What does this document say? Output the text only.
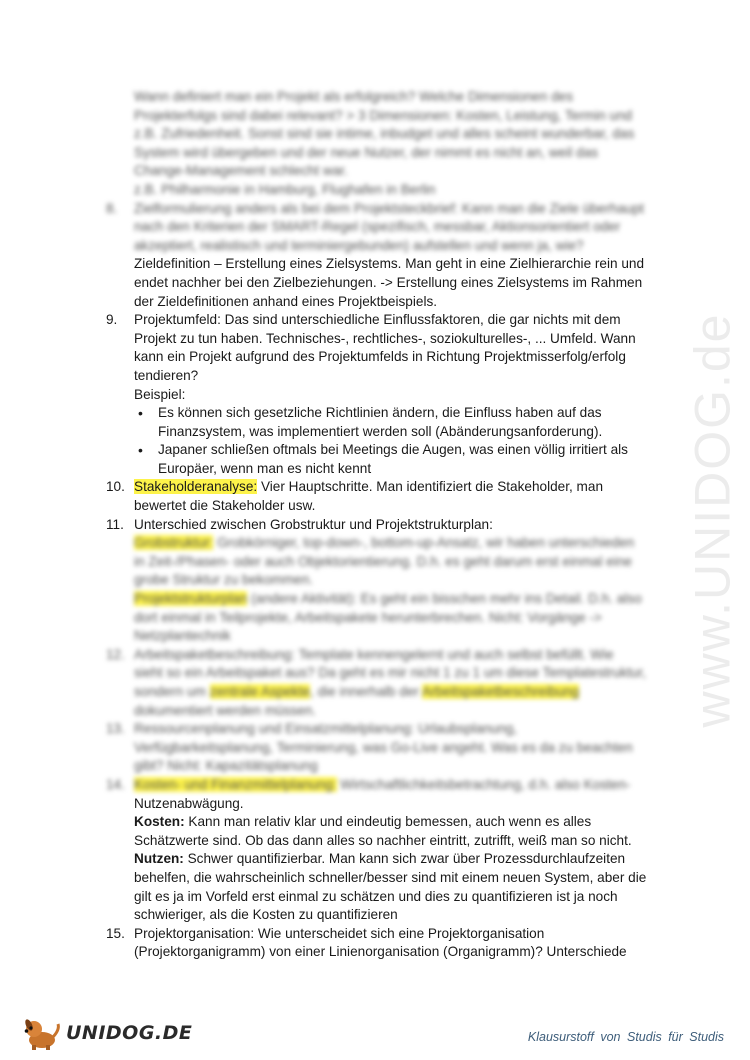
www.UNIDOG.de
Wann definiert man ein Projekt als erfolgreich? Welche Dimensionen des
Projekterfolgs sind dabei relevant? > 3 Dimensionen: Kosten, Leistung, Termin und
z.B. Zufriedenheit. Sonst sind sie intime, inbudget und alles scheint wunderbar, das
System wird übergeben und der neue Nutzer, der nimmt es nicht an, weil das
Change-Management schlecht war.
z.B. Philharmonie in Hamburg, Flughafen in Berlin
8. Zielformulierung anders als bei dem Projektsteckbrief: Kann man die Ziele überhaupt
nach den Kriterien der SMART-Regel (spezifisch, messbar, Aktionsorientiert oder
akzeptiert, realistisch und terminiergebunden) aufstellen und wenn ja, wie?
Zieldefinition – Erstellung eines Zielsystems. Man geht in eine Zielhierarchie rein und
endet nachher bei den Zielbeziehungen. -> Erstellung eines Zielsystems im Rahmen
der Zieldefinitionen anhand eines Projektbeispiels.
9. Projektumfeld: Das sind unterschiedliche Einflussfaktoren, die gar nichts mit dem
Projekt zu tun haben. Technisches-, rechtliches-, soziokulturelles-, ... Umfeld. Wann
kann ein Projekt aufgrund des Projektumfelds in Richtung Projektmisserfolg/erfolg
tendieren?
Beispiel:
• Es können sich gesetzliche Richtlinien ändern, die Einfluss haben auf das
Finanzsystem, was implementiert werden soll (Abänderungsanforderung).
• Japaner schließen oftmals bei Meetings die Augen, was einen völlig irritiert als
Europäer, wenn man es nicht kennt
10. Stakeholderanalyse: Vier Hauptschritte. Man identifiziert die Stakeholder, man
bewertet die Stakeholder usw.
11. Unterschied zwischen Grobstruktur und Projektstrukturplan:
Grobstruktur: Grobkörniger, top-down-, bottom-up-Ansatz, wir haben unterschieden
in Zeit-/Phasen- oder auch Objektorientierung. D.h. es geht darum erst einmal eine
grobe Struktur zu bekommen.
Projektstrukturplan (andere Aktivität): Es geht ein bisschen mehr ins Detail. D.h. also
dort einmal in Teilprojekte, Arbeitspakete herunterbrechen. Nicht: Vorgänge ->
Netzplantechnik
12. Arbeitspaketbeschreibung: Template kennengelernt und auch selbst befüllt. Wie
sieht so ein Arbeitspaket aus? Da geht es mir nicht 1 zu 1 um diese Templatestruktur,
sondern um zentrale Aspekte, die innerhalb der Arbeitspaketbeschreibung
dokumentiert werden müssen.
13. Ressourcenplanung und Einsatzmittelplanung: Urlaubsplanung,
Verfügbarkeitsplanung, Terminierung, was Go-Live angeht. Was es da zu beachten
gibt? Nicht: Kapazitätsplanung
14. Kosten- und Finanzmittelplanung: Wirtschaftlichkeitsbetrachtung, d.h. also Kosten-
Nutzenabwägung.
Kosten: Kann man relativ klar und eindeutig bemessen, auch wenn es alles
Schätzwerte sind. Ob das dann alles so nachher eintritt, zutrifft, weiß man so nicht.
Nutzen: Schwer quantifizierbar. Man kann sich zwar über Prozessdurchlaufzeiten
behelfen, die wahrscheinlich schneller/besser sind mit einem neuen System, aber die
gilt es ja im Vorfeld erst einmal zu schätzen und dies zu quantifizieren ist ja noch
schwieriger, als die Kosten zu quantifizieren
15. Projektorganisation: Wie unterscheidet sich eine Projektorganisation
(Projektorganigramm) von einer Linienorganisation (Organigramm)? Unterschiede
UNIDOG.DE	Klausurstoff von Studis für Studis
